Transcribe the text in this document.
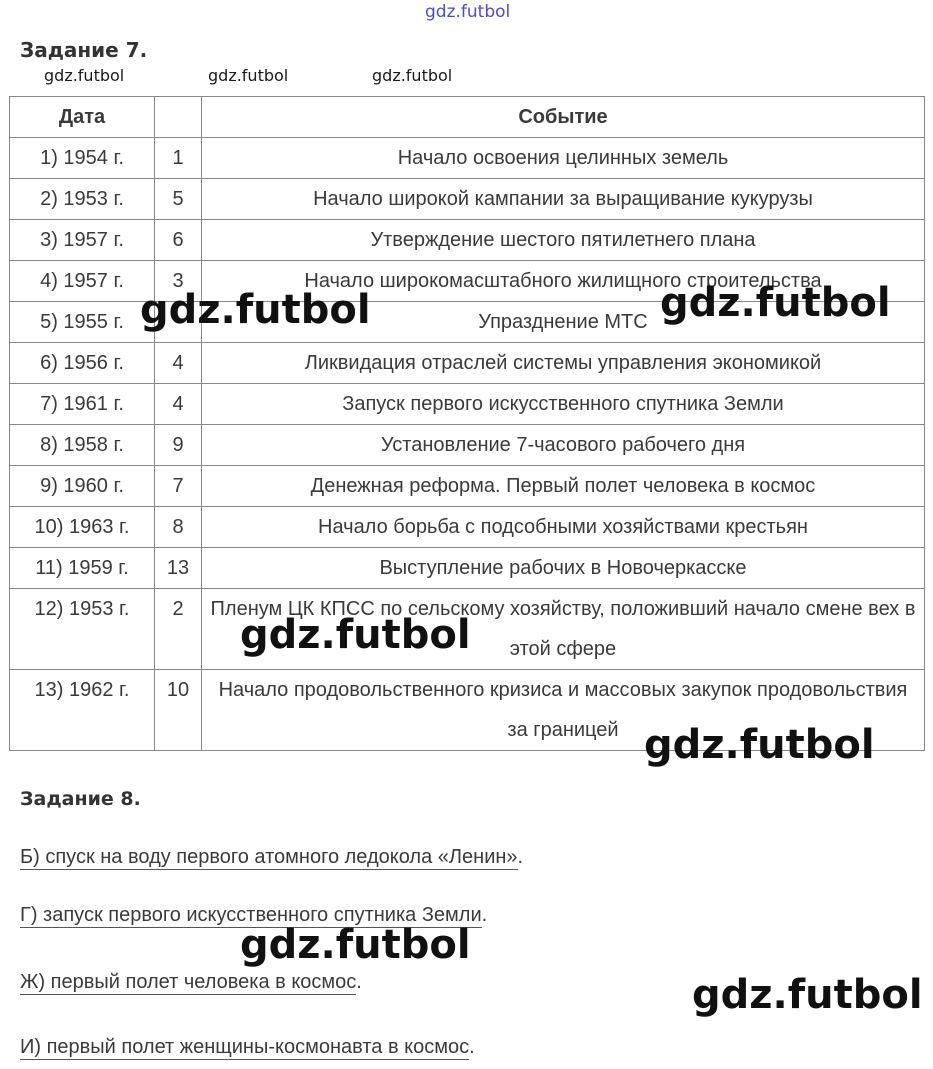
gdz.futbol
Задание 7.
gdz.futbol	gdz.futbol	gdz.futbol
Дата		Событие
1) 1954 г.	1	Начало освоения целинных земель
2) 1953 г.	5	Начало широкой кампании за выращивание кукурузы
3) 1957 г.	6	Утверждение шестого пятилетнего плана
4) 1957 г.	3	Начало широкомасштабного жилищного строительства
5) 1955 г.		Упразднение МТС
6) 1956 г.	4	Ликвидация отраслей системы управления экономикой
7) 1961 г.	4	Запуск первого искусственного спутника Земли
8) 1958 г.	9	Установление 7-часового рабочего дня
9) 1960 г.	7	Денежная реформа. Первый полет человека в космос
10) 1963 г.	8	Начало борьба с подсобными хозяйствами крестьян
11) 1959 г.	13	Выступление рабочих в Новочеркасске
12) 1953 г.	2	Пленум ЦК КПСС по сельскому хозяйству, положивший начало смене вех в этой сфере
13) 1962 г.	10	Начало продовольственного кризиса и массовых закупок продовольствия за границей
Задание 8.
Б) спуск на воду первого атомного ледокола «Ленин».
Г) запуск первого искусственного спутника Земли.
Ж) первый полет человека в космос.
И) первый полет женщины-космонавта в космос.
gdz.futbol	gdz.futbol
gdz.futbol
gdz.futbol
gdz.futbol
gdz.futbol
